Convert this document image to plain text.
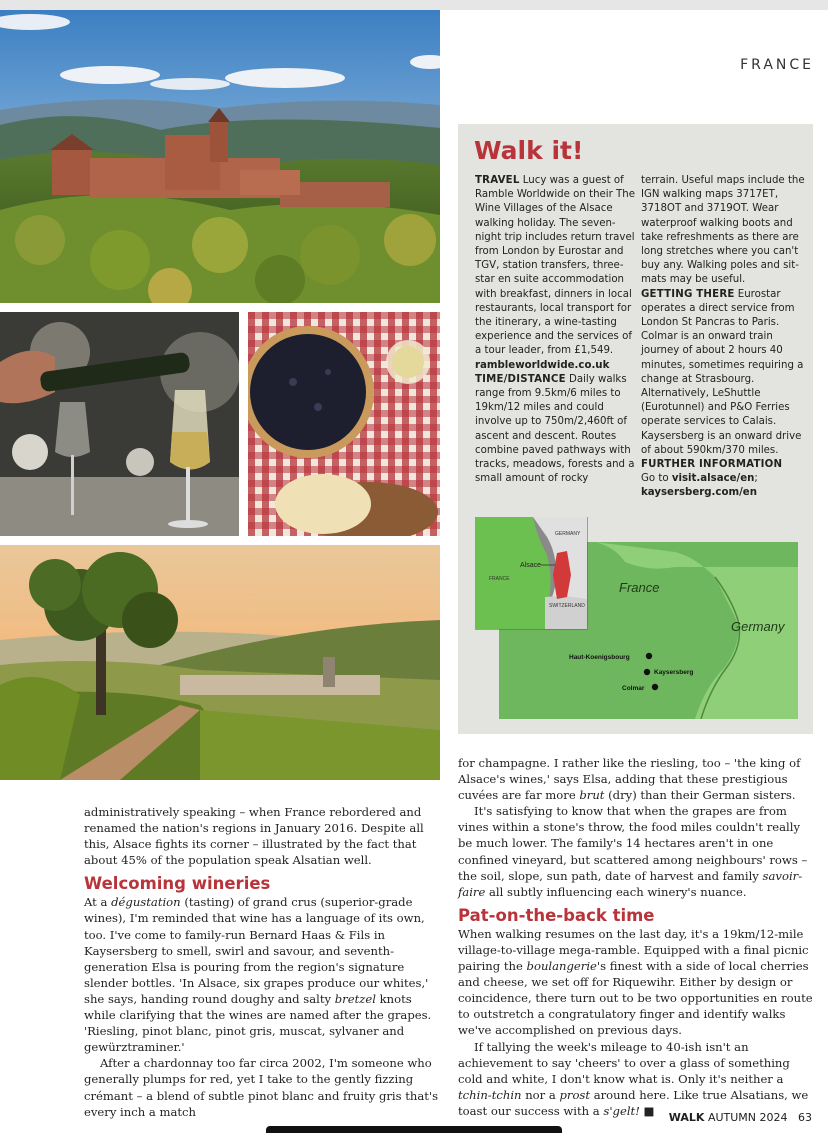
FRANCE
Walk it!

TRAVEL Lucy was a guest of Ramble Worldwide on their The Wine Villages of the Alsace walking holiday. The seven-night trip includes return travel from London by Eurostar and TGV, station transfers, three-star en suite accommodation with breakfast, dinners in local restaurants, local transport for the itinerary, a wine-tasting experience and the services of a tour leader, from £1,549. rambleworldwide.co.uk

TIME/DISTANCE Daily walks range from 9.5km/6 miles to 19km/12 miles and could involve up to 750m/2,460ft of ascent and descent. Routes combine paved pathways with tracks, meadows, forests and a small amount of rocky

terrain. Useful maps include the IGN walking maps 3717ET, 3718OT and 3719OT. Wear waterproof walking boots and take refreshments as there are long stretches where you can't buy any. Walking poles and sit-mats may be useful.

GETTING THERE Eurostar operates a direct service from London St Pancras to Paris. Colmar is an onward train journey of about 2 hours 40 minutes, sometimes requiring a change at Strasbourg. Alternatively, LeShuttle (Eurotunnel) and P&O Ferries operate services to Calais. Kaysersberg is an onward drive of about 590km/370 miles.

FURTHER INFORMATION
Go to visit.alsace/en;
kaysersberg.com/en

GERMANY
FRANCE
SWITZERLAND
Alsace
France
Germany
Haut-Koenigsbourg
Kaysersberg
Colmar

administratively speaking – when France rebordered and renamed the nation's regions in January 2016. Despite all this, Alsace fights its corner – illustrated by the fact that about 45% of the population speak Alsatian well.

Welcoming wineries

At a dégustation (tasting) of grand crus (superior-grade wines), I'm reminded that wine has a language of its own, too. I've come to family-run Bernard Haas & Fils in Kaysersberg to smell, swirl and savour, and seventh-generation Elsa is pouring from the region's signature slender bottles. 'In Alsace, six grapes produce our whites,' she says, handing round doughy and salty bretzel knots while clarifying that the wines are named after the grapes. 'Riesling, pinot blanc, pinot gris, muscat, sylvaner and gewürztraminer.'

After a chardonnay too far circa 2002, I'm someone who generally plumps for red, yet I take to the gently fizzing crémant – a blend of subtle pinot blanc and fruity gris that's every inch a match

for champagne. I rather like the riesling, too – 'the king of Alsace's wines,' says Elsa, adding that these prestigious cuvées are far more brut (dry) than their German sisters.

It's satisfying to know that when the grapes are from vines within a stone's throw, the food miles couldn't really be much lower. The family's 14 hectares aren't in one confined vineyard, but scattered among neighbours' rows – the soil, slope, sun path, date of harvest and family savoir-faire all subtly influencing each winery's nuance.

Pat-on-the-back time

When walking resumes on the last day, it's a 19km/12-mile village-to-village mega-ramble. Equipped with a final picnic pairing the boulangerie's finest with a side of local cherries and cheese, we set off for Riquewihr. Either by design or coincidence, there turn out to be two opportunities en route to outstretch a congratulatory finger and identify walks we've accomplished on previous days.

If tallying the week's mileage to 40-ish isn't an achievement to say 'cheers' to over a glass of something cold and white, I don't know what is. Only it's neither a tchin-tchin nor a prost around here. Like true Alsatians, we toast our success with a s'gelt! ■	WALK AUTUMN 2024 63
